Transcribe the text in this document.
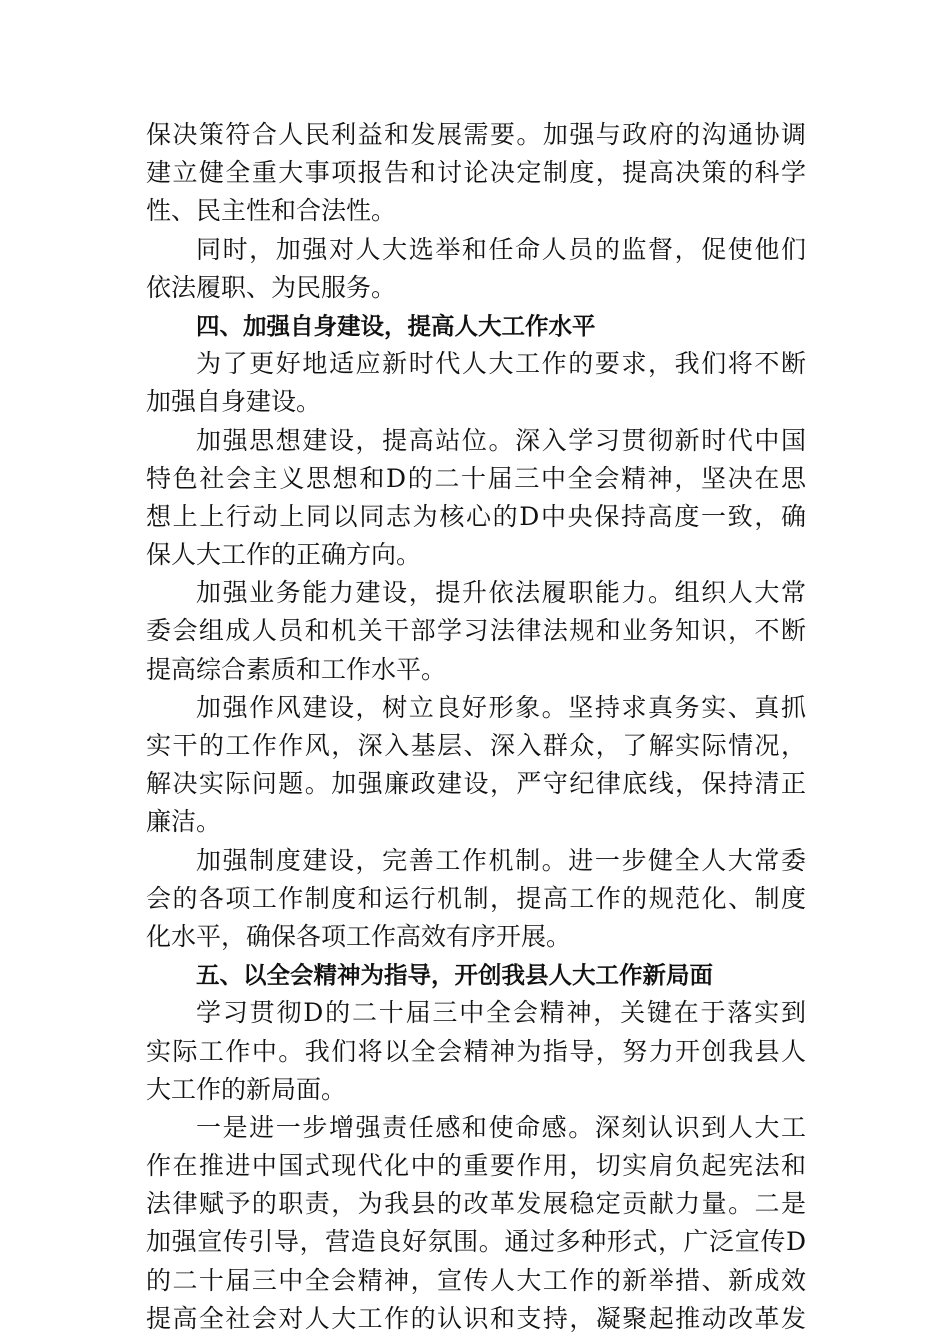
保决策符合人民利益和发展需要。加强与政府的沟通协调
建立健全重大事项报告和讨论决定制度，提高决策的科学
性、民主性和合法性。
同时，加强对人大选举和任命人员的监督，促使他们
依法履职、为民服务。
四、加强自身建设，提高人大工作水平
为了更好地适应新时代人大工作的要求，我们将不断
加强自身建设。
加强思想建设，提高站位。深入学习贯彻新时代中国
特色社会主义思想和D的二十届三中全会精神，坚决在思
想上上行动上同以同志为核心的D中央保持高度一致，确
保人大工作的正确方向。
加强业务能力建设，提升依法履职能力。组织人大常
委会组成人员和机关干部学习法律法规和业务知识，不断
提高综合素质和工作水平。
加强作风建设，树立良好形象。坚持求真务实、真抓
实干的工作作风，深入基层、深入群众，了解实际情况，
解决实际问题。加强廉政建设，严守纪律底线，保持清正
廉洁。
加强制度建设，完善工作机制。进一步健全人大常委
会的各项工作制度和运行机制，提高工作的规范化、制度
化水平，确保各项工作高效有序开展。
五、以全会精神为指导，开创我县人大工作新局面
学习贯彻D的二十届三中全会精神，关键在于落实到
实际工作中。我们将以全会精神为指导，努力开创我县人
大工作的新局面。
一是进一步增强责任感和使命感。深刻认识到人大工
作在推进中国式现代化中的重要作用，切实肩负起宪法和
法律赋予的职责，为我县的改革发展稳定贡献力量。二是
加强宣传引导，营造良好氛围。通过多种形式，广泛宣传D
的二十届三中全会精神，宣传人大工作的新举措、新成效
提高全社会对人大工作的认识和支持，凝聚起推动改革发
